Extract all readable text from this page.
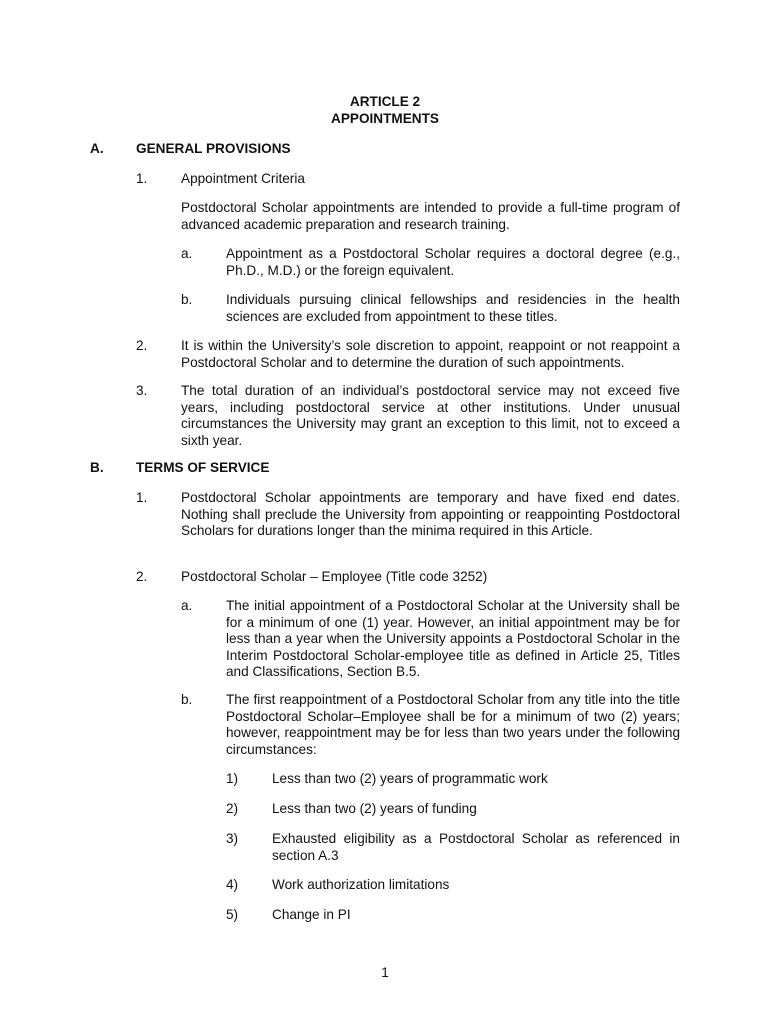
ARTICLE 2
APPOINTMENTS
A. GENERAL PROVISIONS
1. Appointment Criteria
Postdoctoral Scholar appointments are intended to provide a full-time program of advanced academic preparation and research training.
a. Appointment as a Postdoctoral Scholar requires a doctoral degree (e.g., Ph.D., M.D.) or the foreign equivalent.
b. Individuals pursuing clinical fellowships and residencies in the health sciences are excluded from appointment to these titles.
2. It is within the University’s sole discretion to appoint, reappoint or not reappoint a Postdoctoral Scholar and to determine the duration of such appointments.
3. The total duration of an individual’s postdoctoral service may not exceed five years, including postdoctoral service at other institutions. Under unusual circumstances the University may grant an exception to this limit, not to exceed a sixth year.
B. TERMS OF SERVICE
1. Postdoctoral Scholar appointments are temporary and have fixed end dates. Nothing shall preclude the University from appointing or reappointing Postdoctoral Scholars for durations longer than the minima required in this Article.
2. Postdoctoral Scholar – Employee (Title code 3252)
a. The initial appointment of a Postdoctoral Scholar at the University shall be for a minimum of one (1) year. However, an initial appointment may be for less than a year when the University appoints a Postdoctoral Scholar in the Interim Postdoctoral Scholar-employee title as defined in Article 25, Titles and Classifications, Section B.5.
b. The first reappointment of a Postdoctoral Scholar from any title into the title Postdoctoral Scholar–Employee shall be for a minimum of two (2) years; however, reappointment may be for less than two years under the following circumstances:
1) Less than two (2) years of programmatic work
2) Less than two (2) years of funding
3) Exhausted eligibility as a Postdoctoral Scholar as referenced in section A.3
4) Work authorization limitations
5) Change in PI
1
